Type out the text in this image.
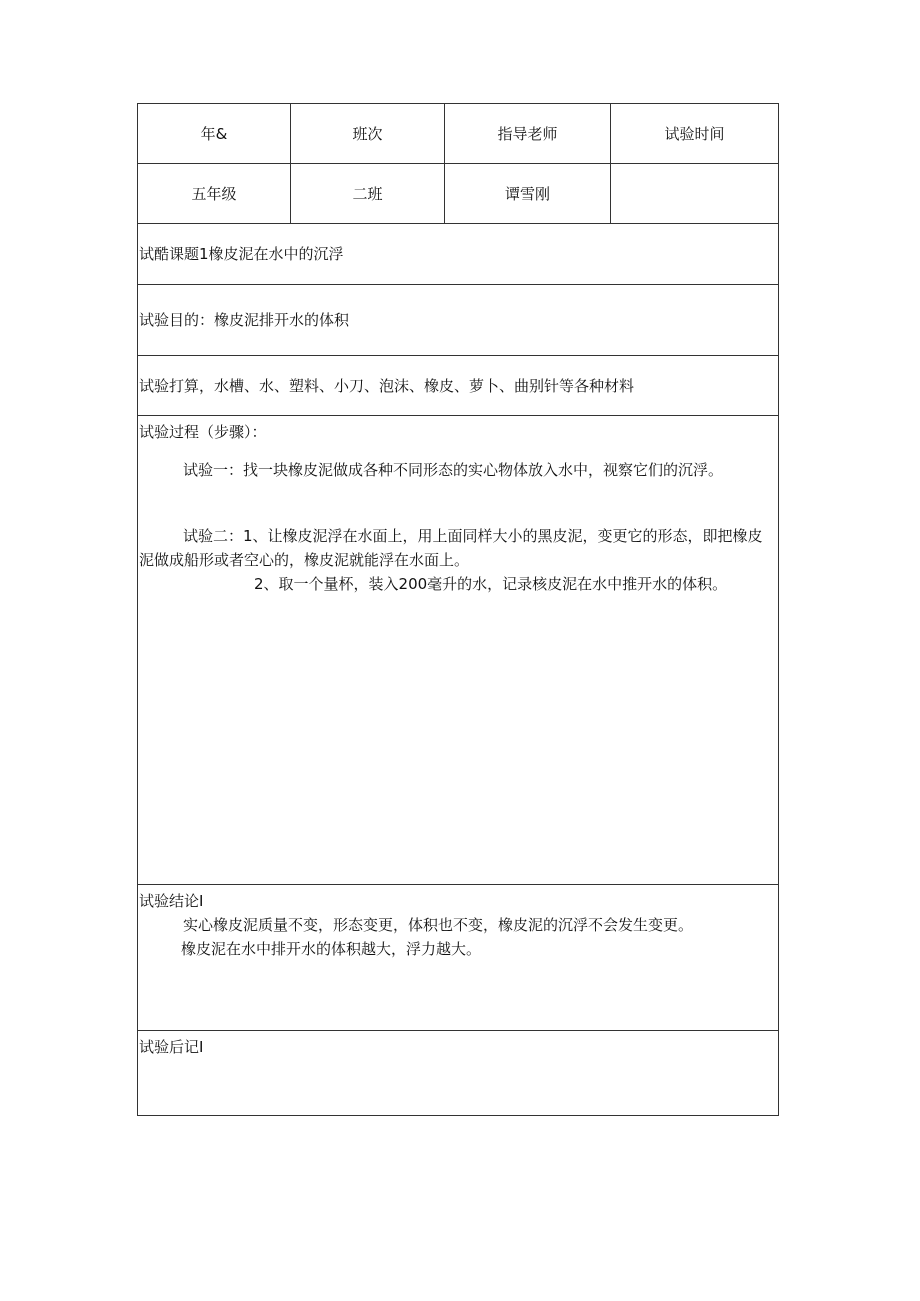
年&	班次	指导老师	试验时间
五年级	二班	谭雪刚
试酷课题1橡皮泥在水中的沉浮
试验目的：橡皮泥排开水的体积
试验打算，水槽、水、塑料、小刀、泡沫、橡皮、萝卜、曲别针等各种材料
试验过程（步骤）：

试验一：找一块橡皮泥做成各种不同形态的实心物体放入水中，视察它们的沉浮。

试验二：1、让橡皮泥浮在水面上，用上面同样大小的黑皮泥，变更它的形态，即把橡皮泥做成船形或者空心的，橡皮泥就能浮在水面上。

2、取一个量杯，装入200毫升的水，记录核皮泥在水中推开水的体积。

试验结论I
实心橡皮泥质量不变，形态变更，体积也不变，橡皮泥的沉浮不会发生变更。
橡皮泥在水中排开水的体积越大，浮力越大。
试验后记I
